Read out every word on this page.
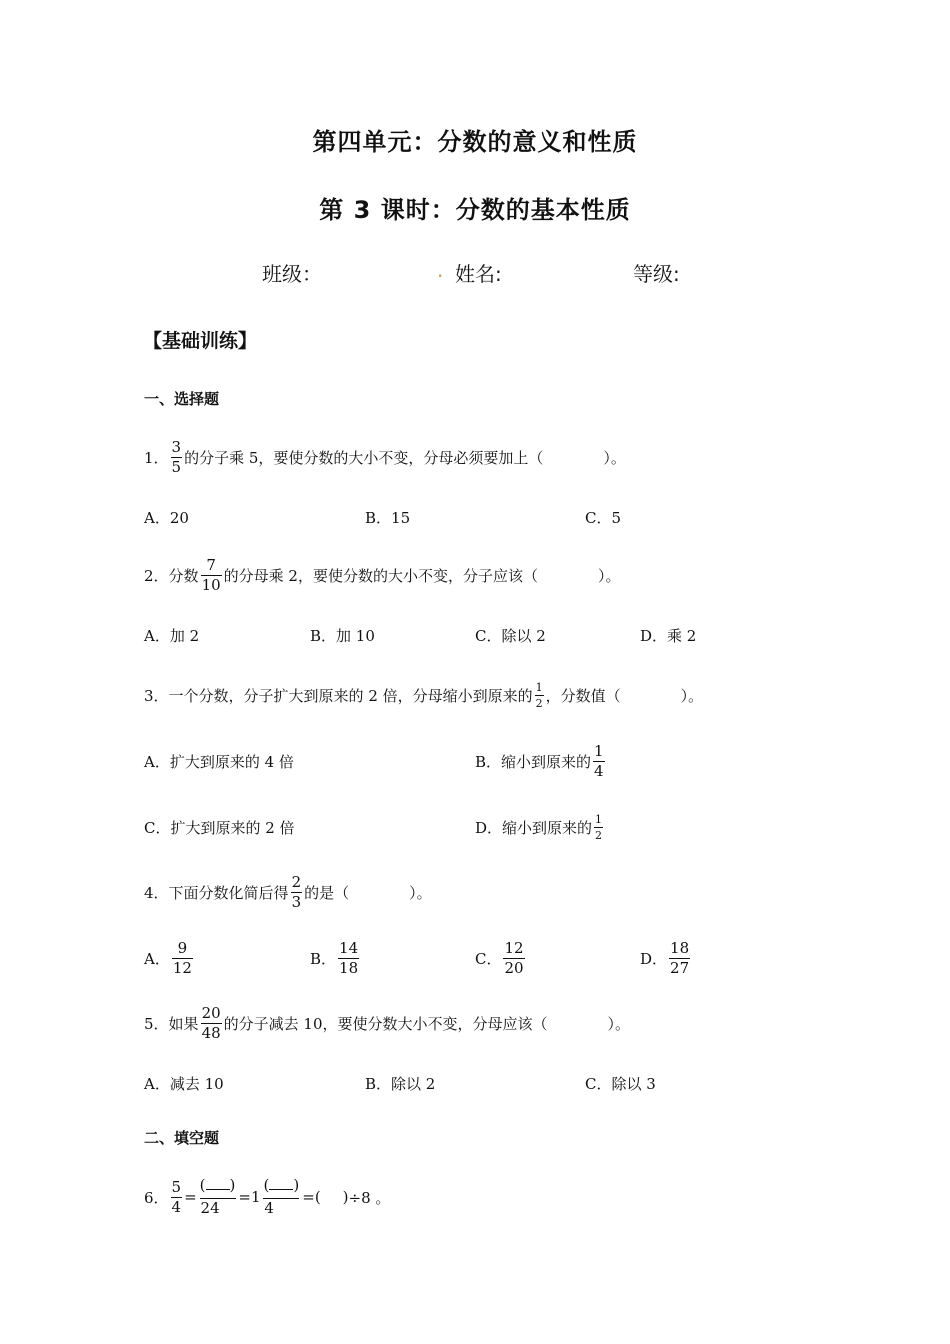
第四单元：分数的意义和性质
第 3 课时：分数的基本性质
班级：	. 姓名:	等级:
【基础训练】
一、选择题
1． $\frac{3}{5}$ 的分子乘 5，要使分数的大小不变，分母必须要加上（　　　　）。
A．20	B．15	C．5
2． 分数 $\frac{7}{10}$ 的分母乘 2，要使分数的大小不变，分子应该（　　　　）。
A．加 2	B．加 10	C．除以 2	D．乘 2
3． 一个分数，分子扩大到原来的 2 倍，分母缩小到原来的 $\frac{1}{2}$ ，分数值（　　　　）。
A．扩大到原来的 4 倍	B．缩小到原来的 $\frac{1}{4}$
C．扩大到原来的 2 倍	D．缩小到原来的 $\frac{1}{2}$
4． 下面分数化简后得 $\frac{2}{3}$ 的是（　　　　）。
A． $\frac{9}{12}$	B． $\frac{14}{18}$	C． $\frac{12}{20}$	D． $\frac{18}{27}$
5． 如果 $\frac{20}{48}$ 的分子减去 10，要使分数大小不变，分母应该（　　　　）。
A．减去 10	B．除以 2	C．除以 3
二、填空题
6． $\frac{5}{4} = \frac{( )}{24} = 1 \frac{( )}{4}$ = ( ) ÷8 。
